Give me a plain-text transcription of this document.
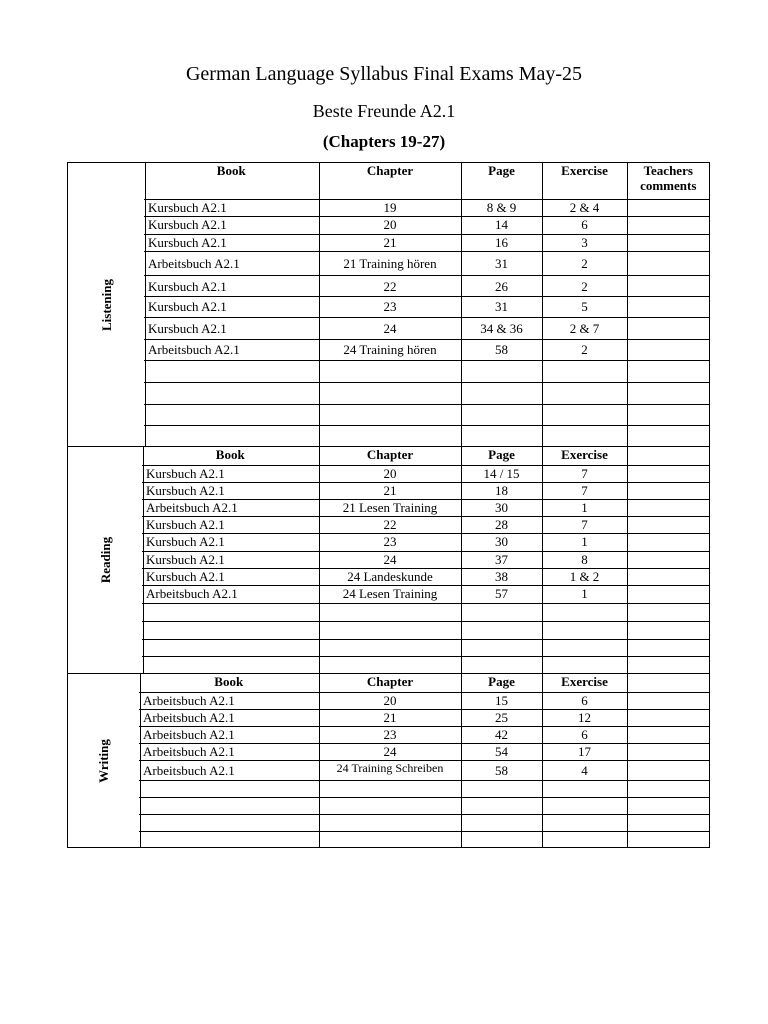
German Language Syllabus Final Exams May-25
Beste Freunde A2.1
(Chapters 19-27)
Listening
Book	Chapter	Page	Exercise	Teachers comments
Kursbuch A2.1	19	8 & 9	2 & 4	
Kursbuch A2.1	20	14	6	
Kursbuch A2.1	21	16	3	
Arbeitsbuch A2.1	21 Training hören	31	2	
Kursbuch A2.1	22	26	2	
Kursbuch A2.1	23	31	5	
Kursbuch A2.1	24	34 & 36	2 & 7	
Arbeitsbuch A2.1	24 Training hören	58	2	

Reading
Book	Chapter	Page	Exercise	
Kursbuch A2.1	20	14 / 15	7	
Kursbuch A2.1	21	18	7	
Arbeitsbuch A2.1	21 Lesen Training	30	1	
Kursbuch A2.1	22	28	7	
Kursbuch A2.1	23	30	1	
Kursbuch A2.1	24	37	8	
Kursbuch A2.1	24 Landeskunde	38	1 & 2	
Arbeitsbuch A2.1	24 Lesen Training	57	1	

Writing
Book	Chapter	Page	Exercise	
Arbeitsbuch A2.1	20	15	6	
Arbeitsbuch A2.1	21	25	12	
Arbeitsbuch A2.1	23	42	6	
Arbeitsbuch A2.1	24	54	17	
Arbeitsbuch A2.1	24 Training Schreiben	58	4	
